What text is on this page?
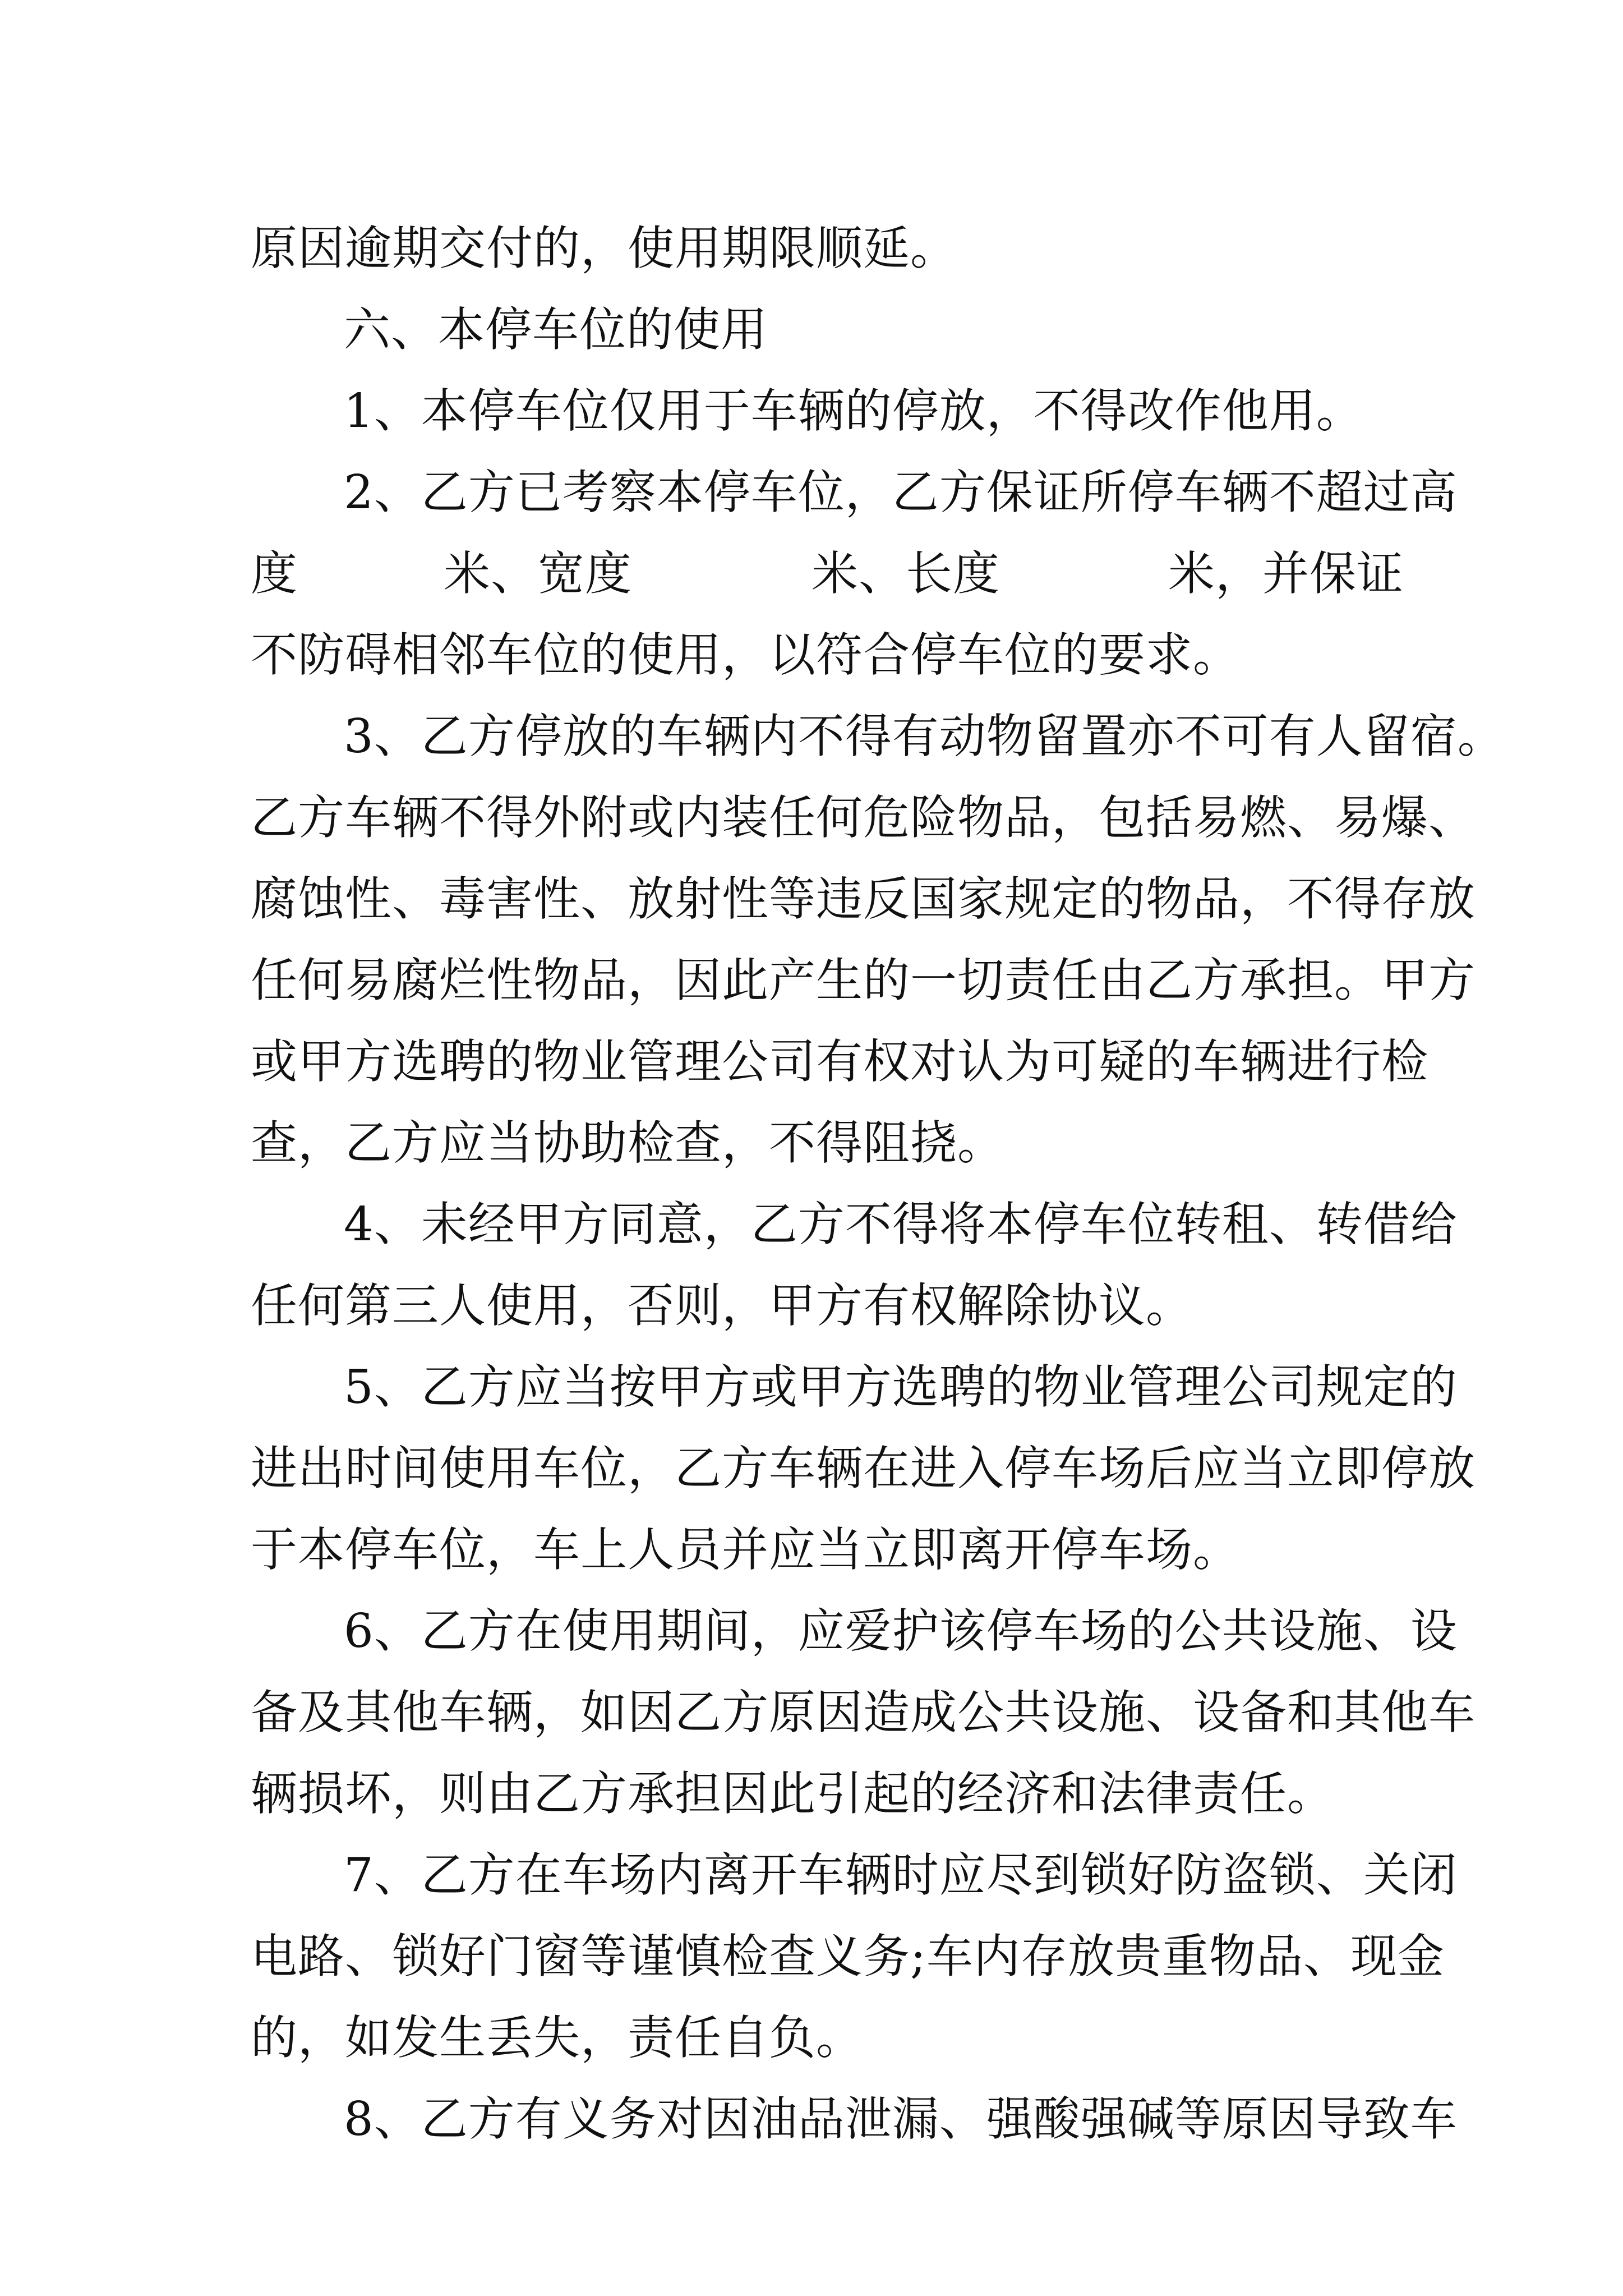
原因逾期交付的，使用期限顺延。
六、本停车位的使用
1、本停车位仅用于车辆的停放，不得改作他用。
2、乙方已考察本停车位，乙方保证所停车辆不超过高
度	米、宽度	米、长度	米，并保证
不防碍相邻车位的使用，以符合停车位的要求。
3、乙方停放的车辆内不得有动物留置亦不可有人留宿。
乙方车辆不得外附或内装任何危险物品，包括易燃、易爆、
腐蚀性、毒害性、放射性等违反国家规定的物品，不得存放
任何易腐烂性物品，因此产生的一切责任由乙方承担。甲方
或甲方选聘的物业管理公司有权对认为可疑的车辆进行检
查，乙方应当协助检查，不得阻挠。
4、未经甲方同意，乙方不得将本停车位转租、转借给
任何第三人使用，否则，甲方有权解除协议。
5、乙方应当按甲方或甲方选聘的物业管理公司规定的
进出时间使用车位，乙方车辆在进入停车场后应当立即停放
于本停车位，车上人员并应当立即离开停车场。
6、乙方在使用期间，应爱护该停车场的公共设施、设
备及其他车辆，如因乙方原因造成公共设施、设备和其他车
辆损坏，则由乙方承担因此引起的经济和法律责任。
7、乙方在车场内离开车辆时应尽到锁好防盗锁、关闭
电路、锁好门窗等谨慎检查义务;车内存放贵重物品、现金
的，如发生丢失，责任自负。
8、乙方有义务对因油品泄漏、强酸强碱等原因导致车
